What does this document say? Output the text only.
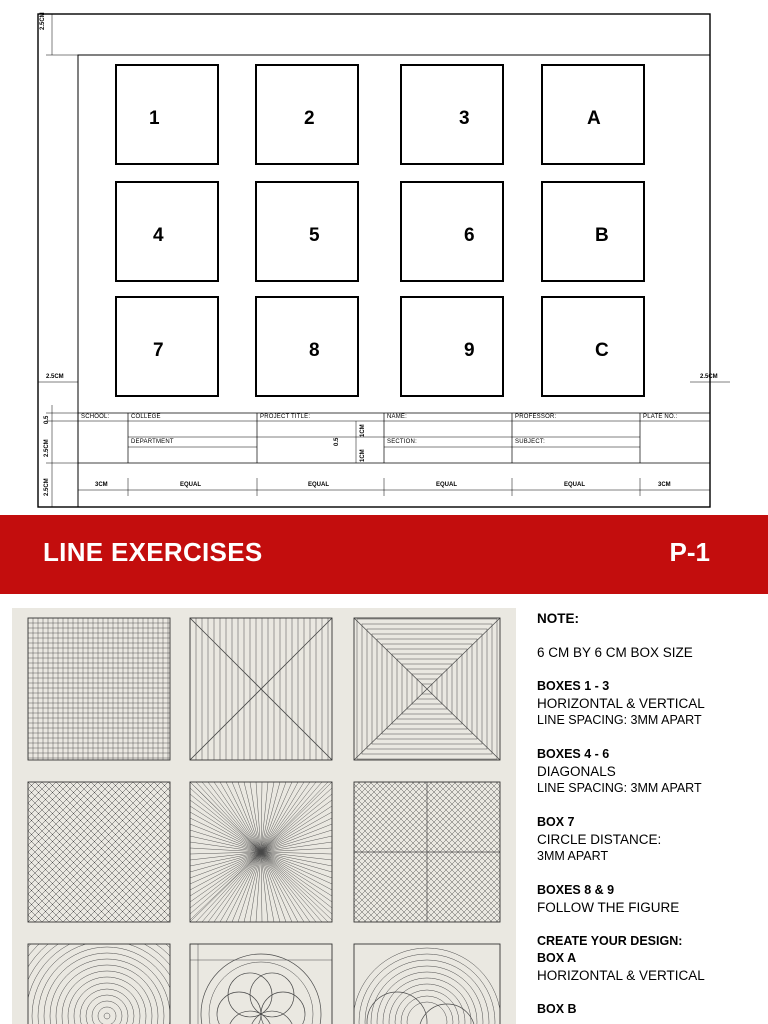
1	2	3	A
4	5	6	B
7	8	9	C
2.5CM
2.5CM	2.5CM
0.5
2.5CM
2.5CM
1CM
1CM
0.5
SCHOOL:	COLLEGE
DEPARTMENT
PROJECT TITLE:	NAME:
SECTION:
PROFESSOR:
SUBJECT:
PLATE NO.:
3CM	EQUAL	EQUAL	EQUAL	EQUAL	3CM
LINE EXERCISES	P-1
NOTE:
6 CM BY 6 CM BOX SIZE
BOXES 1 - 3
HORIZONTAL & VERTICAL
LINE SPACING: 3MM APART
BOXES 4 - 6
DIAGONALS
LINE SPACING: 3MM APART
BOX 7
CIRCLE DISTANCE:
3MM APART
BOXES 8 & 9
FOLLOW THE FIGURE
CREATE YOUR DESIGN:
BOX A
HORIZONTAL & VERTICAL
BOX B
